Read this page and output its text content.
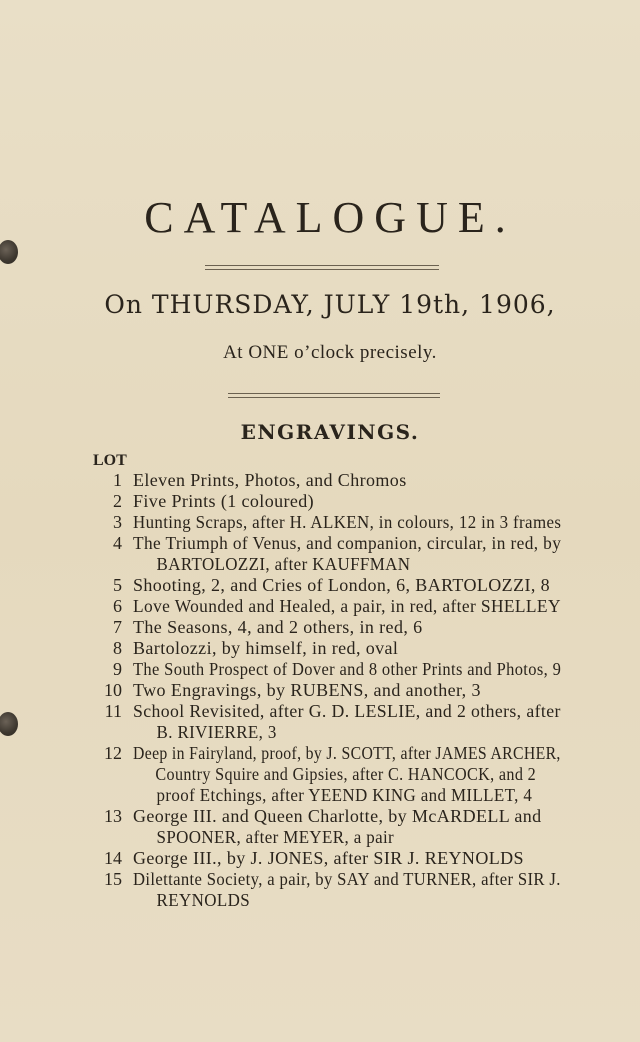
CATALOGUE.
On THURSDAY, JULY 19th, 1906,
At ONE o’clock precisely.
ENGRAVINGS.
LOT
1 Eleven Prints, Photos, and Chromos
2 Five Prints (1 coloured)
3 Hunting Scraps, after H. ALKEN, in colours, 12 in 3 frames
4 The Triumph of Venus, and companion, circular, in red, by
BARTOLOZZI, after KAUFFMAN
5 Shooting, 2, and Cries of London, 6, BARTOLOZZI, 8
6 Love Wounded and Healed, a pair, in red, after SHELLEY
7 The Seasons, 4, and 2 others, in red, 6
8 Bartolozzi, by himself, in red, oval
9 The South Prospect of Dover and 8 other Prints and Photos, 9
10 Two Engravings, by RUBENS, and another, 3
11 School Revisited, after G. D. LESLIE, and 2 others, after
B. RIVIERRE, 3
12 Deep in Fairyland, proof, by J. SCOTT, after JAMES ARCHER,
Country Squire and Gipsies, after C. HANCOCK, and 2
proof Etchings, after YEEND KING and MILLET, 4
13 George III. and Queen Charlotte, by McARDELL and
SPOONER, after MEYER, a pair
14 George III., by J. JONES, after SIR J. REYNOLDS
15 Dilettante Society, a pair, by SAY and TURNER, after SIR J.
REYNOLDS
